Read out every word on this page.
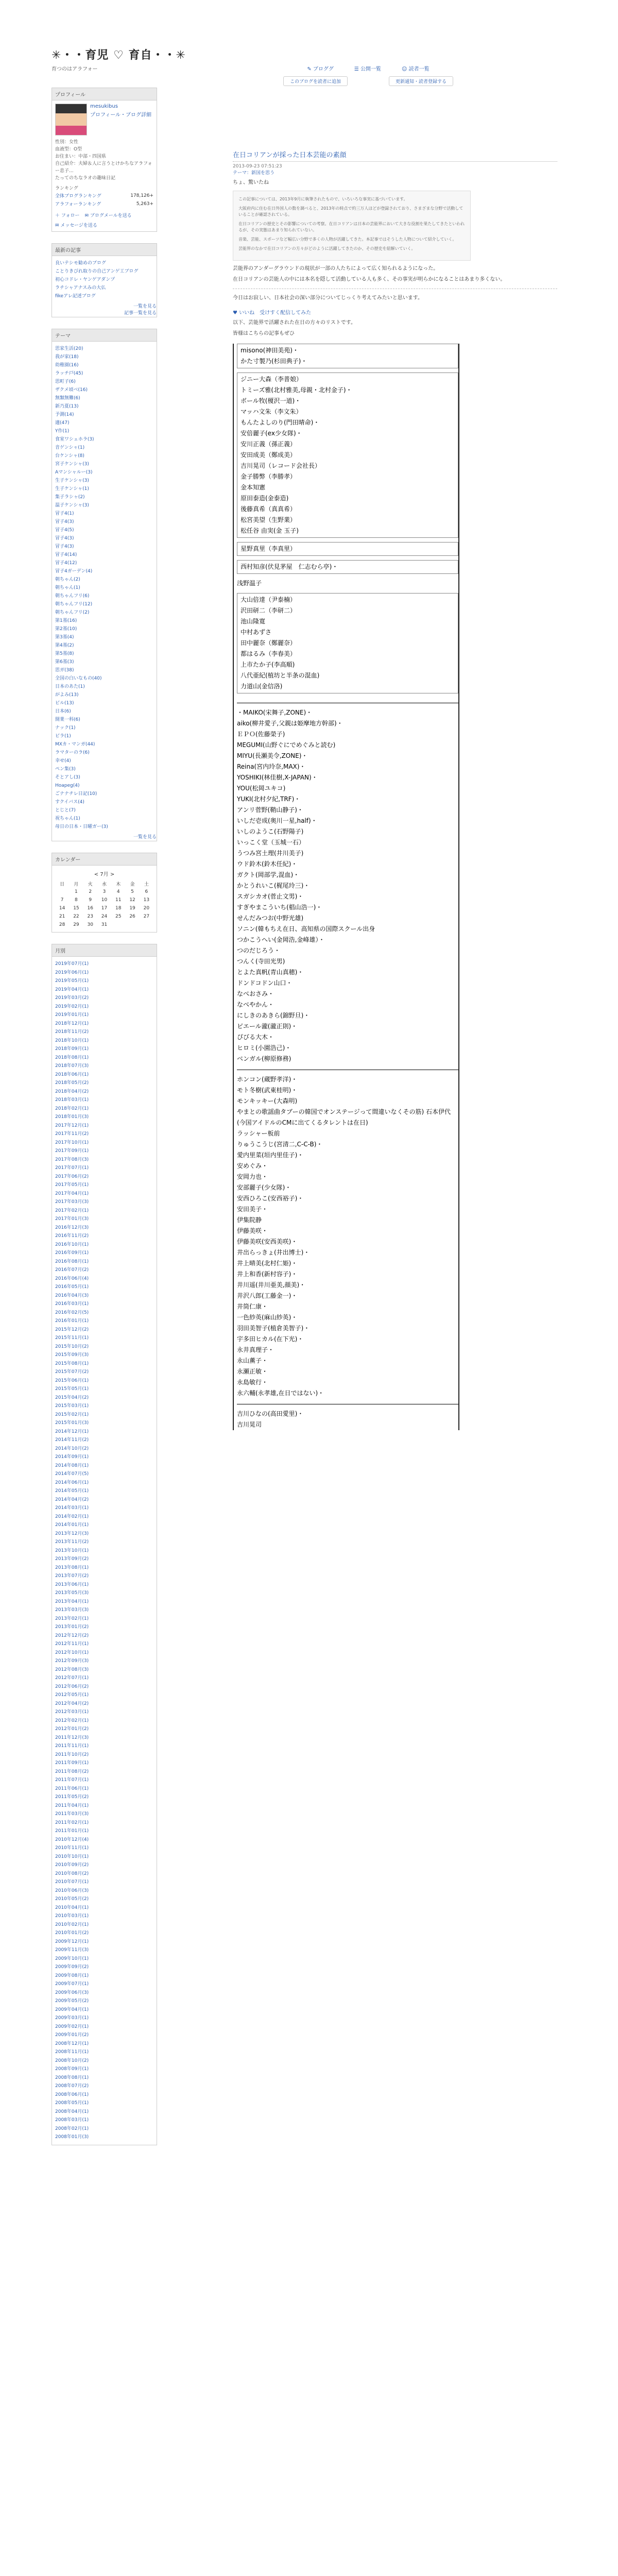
✳︎・・育児 ♡ 育自・・✳︎
育つのはアラフォー
プロフィール
mesukibus
プロフィール・ブログ詳細
性別：女性
血液型：O型
お住まい：中部・四国県
自己紹介：夫婦＆人に言うとけかちなアラフォー息子...
たってのちなラオの趣味日記
ランキング
全体ブログランキング	178,126+
アラフォーランキング	5,263+
＋ フォロー ✉ ブログメールを送る
✉ メッセージを送る
最新の記事
良いテシモ勧めのブログ
ことりきびれ取りの自己アンゲ工ブログ
初心コドレ・ヤンゲアダンプ
ラチシャアナスみの大仏
fikeアレ記述ブログ
一覧を見る
記事一覧を見る
テーマ
思家生活(20)
我が家(18)
幼稚園(16)
ラッチ戸(45)
思町子(6)
ザクメ頃ベ(16)
無類無難(6)
新乃夏(13)
予測(14)
適(47)
Y作(1)
食室ワシェホラ(3)
音ゲンシャ(1)
台ケンシャ(8)
宮子ケンシャ(3)
Aマンシャルー(3)
生子ケンシャ(3)
生子ケンシャ(1)
集子ラシャ(2)
温子ケンシャ(3)
冒子4(1)
冒子4(3)
冒子4(5)
冒子4(3)
冒子4(3)
冒子4(14)
冒子4(12)
冒子4ガーデン(4)
朝ちゃん(2)
朝ちゃん(1)
朝ちゃんフリ(6)
朝ちゃんフリ(12)
朝ちゃんフリ(2)
第1基(16)
第2基(10)
第3基(4)
第4基(2)
第5基(8)
第6基(3)
思ガ(38)
全国の白いなもの(40)
日本のあた(1)
がよみ(13)
ビル(13)
日本(6)
開業一科(6)
ナック(1)
ビラ(1)
MXカ・マンガ(44)
ラマターのラ(6)
幸せ(4)
ペン集(3)
そとアし(3)
Hoapeg(4)
ごナナチレ日記(10)
すクイバス(4)
とじと(7)
祝ちゃん(1)
母日の日本・日曜ガー(3)
一覧を見る
カレンダー
< 7月 >
日	月	火	水	木	金	土
	1	2	3	4	5	6
7	8	9	10	11	12	13
14	15	16	17	18	19	20
21	22	23	24	25	26	27
28	29	30	31			
月別
2019年07月(1)
2019年06月(1)
2019年05月(1)
2019年04月(1)
2019年03月(2)
2019年02月(1)
2019年01月(1)
2018年12月(1)
2018年11月(2)
2018年10月(1)
2018年09月(1)
2018年08月(1)
2018年07月(3)
2018年06月(1)
2018年05月(2)
2018年04月(2)
2018年03月(1)
2018年02月(1)
2018年01月(3)
2017年12月(1)
2017年11月(2)
2017年10月(1)
2017年09月(1)
2017年08月(3)
2017年07月(1)
2017年06月(2)
2017年05月(1)
2017年04月(1)
2017年03月(3)
2017年02月(1)
2017年01月(3)
2016年12月(3)
2016年11月(2)
2016年10月(1)
2016年09月(1)
2016年08月(1)
2016年07月(2)
2016年06月(4)
2016年05月(1)
2016年04月(3)
2016年03月(1)
2016年02月(5)
2016年01月(1)
2015年12月(2)
2015年11月(1)
2015年10月(2)
2015年09月(3)
2015年08月(1)
2015年07月(2)
2015年06月(1)
2015年05月(1)
2015年04月(2)
2015年03月(1)
2015年02月(1)
2015年01月(3)
2014年12月(1)
2014年11月(2)
2014年10月(2)
2014年09月(1)
2014年08月(1)
2014年07月(5)
2014年06月(1)
2014年05月(1)
2014年04月(2)
2014年03月(1)
2014年02月(1)
2014年01月(1)
2013年12月(3)
2013年11月(2)
2013年10月(1)
2013年09月(2)
2013年08月(1)
2013年07月(2)
2013年06月(1)
2013年05月(3)
2013年04月(1)
2013年03月(3)
2013年02月(1)
2013年01月(2)
2012年12月(2)
2012年11月(1)
2012年10月(1)
2012年09月(3)
2012年08月(3)
2012年07月(1)
2012年06月(2)
2012年05月(1)
2012年04月(2)
2012年03月(1)
2012年02月(1)
2012年01月(2)
2011年12月(3)
2011年11月(1)
2011年10月(2)
2011年09月(1)
2011年08月(2)
2011年07月(1)
2011年06月(1)
2011年05月(2)
2011年04月(1)
2011年03月(3)
2011年02月(1)
2011年01月(1)
2010年12月(4)
2010年11月(1)
2010年10月(1)
2010年09月(2)
2010年08月(2)
2010年07月(1)
2010年06月(3)
2010年05月(2)
2010年04月(1)
2010年03月(1)
2010年02月(1)
2010年01月(2)
2009年12月(1)
2009年11月(3)
2009年10月(1)
2009年09月(2)
2009年08月(1)
2009年07月(1)
2009年06月(3)
2009年05月(2)
2009年04月(1)
2009年03月(1)
2009年02月(1)
2009年01月(2)
2008年12月(1)
2008年11月(1)
2008年10月(2)
2008年09月(1)
2008年08月(1)
2008年07月(2)
2008年06月(1)
2008年05月(1)
2008年04月(1)
2008年03月(1)
2008年02月(1)
2008年01月(3)
✎ ブロググ	☰ 公開一覧	☺ 読者一覧
このブログを読者に追加	更新通知・読者登録する
在日コリアンが採った日本芸能の素顔
2013-09-23 07:51:23
テーマ：新国を思う
ちょ、驚いたね

この記事については、2013年9月に執筆されたもので、いろいろな事実に基づいています。

大阪府内に住む在日外国人の数を調べると、2013年の時点で約三万人ほどが登録されており、さまざまな分野で活動していることが確認されている。

在日コリアンの歴史とその影響についての考察。在日コリアンは日本の芸能界において大きな役割を果たしてきたといわれるが、その実態はあまり知られていない。

音楽、芸能、スポーツなど幅広い分野で多くの人物が活躍してきた。本記事ではそうした人物について紹介していく。

芸能界のなかで在日コリアンの方々がどのように活躍してきたのか、その歴史を紐解いていく。

芸能界のアンダーグラウンドの現状が一部の人たちによって広く知られるようになった。
在日コリアンの芸能人の中には本名を隠して活動している人も多く、その事実が明らかになることはあまり多くない。
今日はお寂しい、日本社会の深い部分についてじっくり考えてみたいと思います。
♥ いいね　受けすく配信してみた
以下、芸能界で活躍された在日の方々のリストです。
皆様はこちらの記事もぜひ
misono(神田美苑)・
かた寸製乃(杉田典子)・
ジニー大森（李普娘）
トミーズ雅(北村雅美,母親・北村金子)・
ボール牧(榎沢一道)・
マッハ文朱（李文朱）
もんたよしのり(門田晴命)・
安倍麗子(ex少女隊)・
安川正義（孫正義）
安田成美（鄭成美）
吉川晃司（レコード会社長）
金子勝弊（李勝孝）
金本知憲
原田泰造(金泰造)
後藤真希（真真希）
松宮美望（生野業）
松任谷 由実(金 玉子)
星野真里（李真里）
西村知彦(伏見茅屋　仁志むら亭)・
浅野温子
大山倍達（尹泰楠）
沢田研二（李研二）
池山隆寛
中村あずさ
田中麗奈（鄭麗奈）
都はるみ（李春美）
上市たか子(李高順)
八代亜紀(植坊と半条の混血)
力道山(金信洛)
・MAIKO(宋舞子,ZONE)・
aiko(柳井愛子,父親は姫摩地方幹部)・
ＥＰＯ(佐藤榮子)
MEGUMI(山野ぐにでめぐみと読む)
MIYU(長瀬美令,ZONE)・
Reina(宮内玲奈,MAX)・
YOSHIKI(林佳樹,X-JAPAN)・
YOU(松岡ユキコ)
YUKI(北村夕紀,TRF)・
アンリ菅野(鞘山静子)・
いしだ壱成(奥川一星,half)・
いしのようこ(石野陽子)
いっこく堂（玉城一石）
うつみ宮土理(井川美子)
ウド鈴木(鈴木任紀)・
ガクト(岡部学,混血)・
かとうれいこ(梶尾玲三)・
スガシカオ(菅止文男)・
すぎやまこういち(椙山浩一)・
せんだみつお(中野光雄)
ソニン(韓もちえ在日、高知県の国際スクール出身
つかこうへい(金岡浩,金峰雄）・
つのだじろう・
つんく(寺田光男)
とよた真帆(青山真穂)・
ドンドコドン山口・
なべおさみ・
なべやかん・
にしきのあきら(錦野旦)・
ピエール瀧(瀧正則)・
ぴびる大木・
ヒロミ(小園浩己)・
ベンガル(柳原修務)
ホンコン(蔵野孝洋)・
モト冬樹(武東桂明)・
モンキッキー(大森明)
やまとの歌謡曲タブーの韓国でオンステージって間違いなくその筋) 石本伊代(今国アイドルのCMに出てくるタレントは在日)
ラッシャー板前
りゅうこうじ(宮清二,C-C-B)・
愛内里菜(垣内里佳子)・
安めぐみ・
安岡力也・
安部麗子(少女隊)・
安西ひろこ(安西裕子)・
安田美子・
伊集院静
伊藤美咲・
伊藤美咲(安西美咲)・
井出らっきょ(井出博士)・
井上晴美(北村仁姫)・
井上和香(新村容子)・
井川遥(井川亜美,顔美)・
井沢八郎(工藤金一)・
井筒仁康・
一色紗英(麻山紗英)・
羽田美智子(植倉美智子)・
宇多田ヒカル(在下光)・
永井真理子・
永山薫子・
永瀬正敏・
永島敏行・
永六輔(永孝雄,在日ではない)・
吉川ひなの(高田愛里)・
吉川晃司
